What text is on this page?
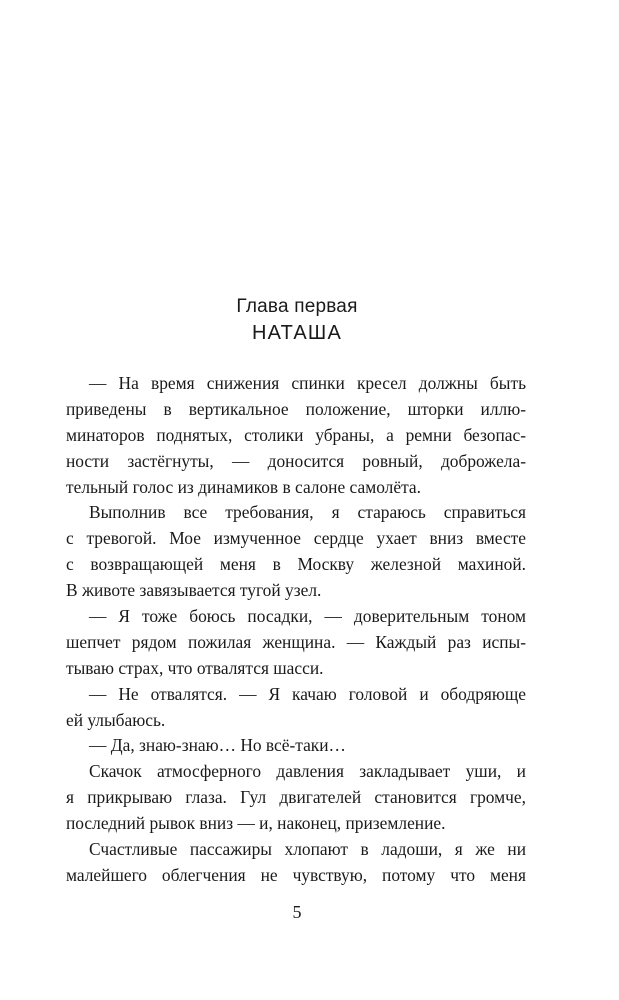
Глава первая
НАТАША
— На время снижения спинки кресел должны быть
приведены в вертикальное положение, шторки иллю-
минаторов поднятых, столики убраны, а ремни безопас-
ности застёгнуты, — доносится ровный, доброжела-
тельный голос из динамиков в салоне самолёта.
Выполнив все требования, я стараюсь справиться
с тревогой. Мое измученное сердце ухает вниз вместе
с возвращающей меня в Москву железной махиной.
В животе завязывается тугой узел.
— Я тоже боюсь посадки, — доверительным тоном
шепчет рядом пожилая женщина. — Каждый раз испы-
тываю страх, что отвалятся шасси.
— Не отвалятся. — Я качаю головой и ободряюще
ей улыбаюсь.
— Да, знаю-знаю… Но всё-таки…
Скачок атмосферного давления закладывает уши, и
я прикрываю глаза. Гул двигателей становится громче,
последний рывок вниз — и, наконец, приземление.
Счастливые пассажиры хлопают в ладоши, я же ни
малейшего облегчения не чувствую, потому что меня
5
